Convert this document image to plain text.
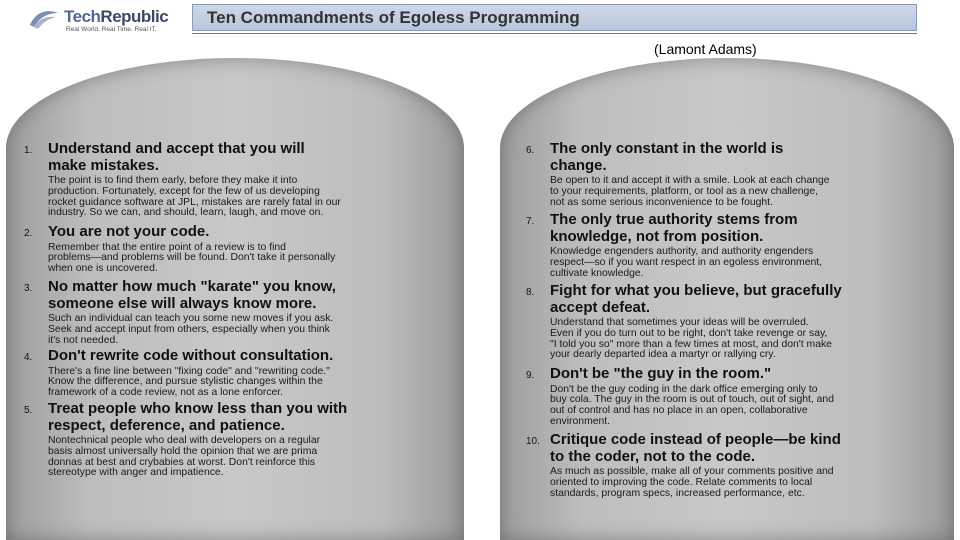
TechRepublic
Real World. Real Time. Real IT.
Ten Commandments of Egoless Programming
(Lamont Adams)
1. Understand and accept that you will
make mistakes.
The point is to find them early, before they make it into
production. Fortunately, except for the few of us developing
rocket guidance software at JPL, mistakes are rarely fatal in our
industry. So we can, and should, learn, laugh, and move on.
2. You are not your code.
Remember that the entire point of a review is to find
problems—and problems will be found. Don't take it personally
when one is uncovered.
3. No matter how much "karate" you know,
someone else will always know more.
Such an individual can teach you some new moves if you ask.
Seek and accept input from others, especially when you think
it's not needed.
4. Don't rewrite code without consultation.
There's a fine line between "fixing code" and "rewriting code."
Know the difference, and pursue stylistic changes within the
framework of a code review, not as a lone enforcer.
5. Treat people who know less than you with
respect, deference, and patience.
Nontechnical people who deal with developers on a regular
basis almost universally hold the opinion that we are prima
donnas at best and crybabies at worst. Don't reinforce this
stereotype with anger and impatience.
6. The only constant in the world is
change.
Be open to it and accept it with a smile. Look at each change
to your requirements, platform, or tool as a new challenge,
not as some serious inconvenience to be fought.
7. The only true authority stems from
knowledge, not from position.
Knowledge engenders authority, and authority engenders
respect—so if you want respect in an egoless environment,
cultivate knowledge.
8. Fight for what you believe, but gracefully
accept defeat.
Understand that sometimes your ideas will be overruled.
Even if you do turn out to be right, don't take revenge or say,
"I told you so" more than a few times at most, and don't make
your dearly departed idea a martyr or rallying cry.
9. Don't be "the guy in the room."
Don't be the guy coding in the dark office emerging only to
buy cola. The guy in the room is out of touch, out of sight, and
out of control and has no place in an open, collaborative
environment.
10. Critique code instead of people—be kind
to the coder, not to the code.
As much as possible, make all of your comments positive and
oriented to improving the code. Relate comments to local
standards, program specs, increased performance, etc.
